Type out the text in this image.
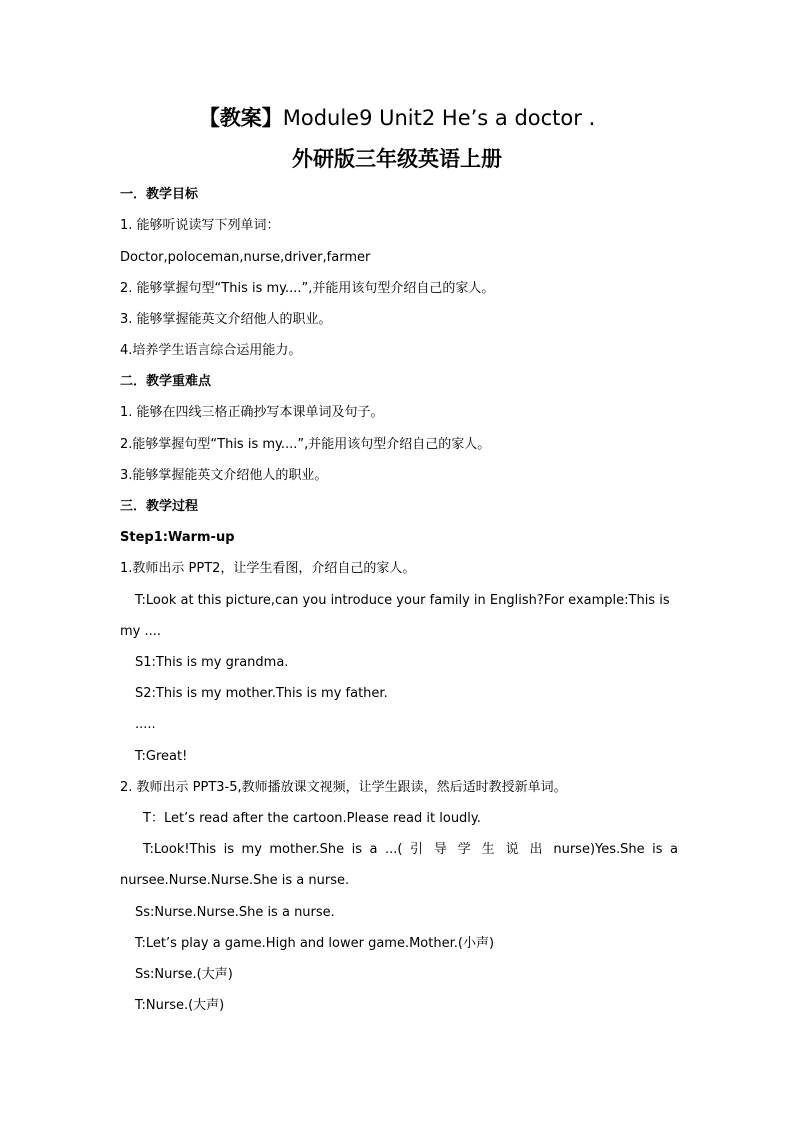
【教案】Module9 Unit2 He’s a doctor .
外研版三年级英语上册
一．教学目标
1. 能够听说读写下列单词：
Doctor,poloceman,nurse,driver,farmer
2. 能够掌握句型“This is my....”,并能用该句型介绍自己的家人。
3. 能够掌握能英文介绍他人的职业。
4.培养学生语言综合运用能力。
二．教学重难点
1. 能够在四线三格正确抄写本课单词及句子。
2.能够掌握句型“This is my....”,并能用该句型介绍自己的家人。
3.能够掌握能英文介绍他人的职业。
三．教学过程
Step1:Warm-up
1.教师出示 PPT2，让学生看图，介绍自己的家人。
T:Look at this picture,can you introduce your family in English?For example:This is
my ....
S1:This is my grandma.
S2:This is my mother.This is my father.
.....
T:Great!
2. 教师出示 PPT3-5,教师播放课文视频，让学生跟读，然后适时教授新单词。
T：Let’s read after the cartoon.Please read it loudly.
T:Look!This is my mother.She is a ...( 引 导 学 生 说 出 nurse)Yes.She is a
nursee.Nurse.Nurse.She is a nurse.
Ss:Nurse.Nurse.She is a nurse.
T:Let’s play a game.High and lower game.Mother.(小声)
Ss:Nurse.(大声)
T:Nurse.(大声)
